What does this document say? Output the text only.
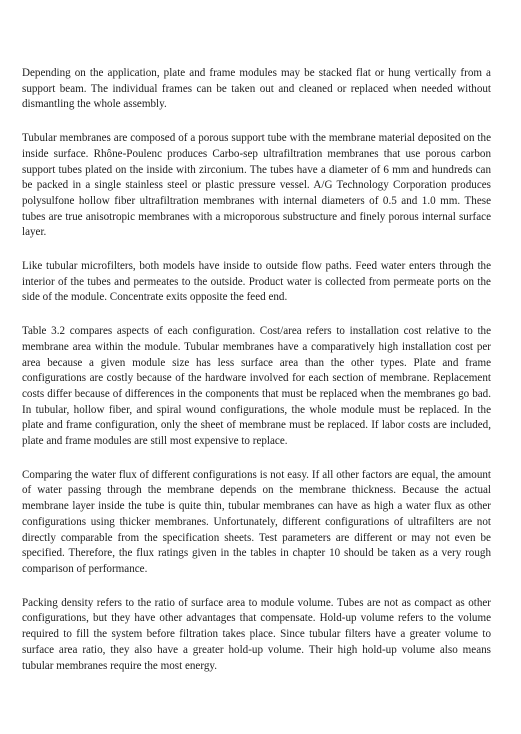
Depending on the application, plate and frame modules may be stacked flat or hung vertically from a support beam. The individual frames can be taken out and cleaned or replaced when needed without dismantling the whole assembly.

Tubular membranes are composed of a porous support tube with the membrane material deposited on the inside surface. Rhône-Poulenc produces Carbo-sep ultrafiltration membranes that use porous carbon support tubes plated on the inside with zirconium. The tubes have a diameter of 6 mm and hundreds can be packed in a single stainless steel or plastic pressure vessel. A/G Technology Corporation produces polysulfone hollow fiber ultrafiltration membranes with internal diameters of 0.5 and 1.0 mm. These tubes are true anisotropic membranes with a microporous substructure and finely porous internal surface layer.

Like tubular microfilters, both models have inside to outside flow paths. Feed water enters through the interior of the tubes and permeates to the outside. Product water is collected from permeate ports on the side of the module. Concentrate exits opposite the feed end.

Table 3.2 compares aspects of each configuration. Cost/area refers to installation cost relative to the membrane area within the module. Tubular membranes have a comparatively high installation cost per area because a given module size has less surface area than the other types. Plate and frame configurations are costly because of the hardware involved for each section of membrane. Replacement costs differ because of differences in the components that must be replaced when the membranes go bad. In tubular, hollow fiber, and spiral wound configurations, the whole module must be replaced. In the plate and frame configuration, only the sheet of membrane must be replaced. If labor costs are included, plate and frame modules are still most expensive to replace.

Comparing the water flux of different configurations is not easy. If all other factors are equal, the amount of water passing through the membrane depends on the membrane thickness. Because the actual membrane layer inside the tube is quite thin, tubular membranes can have as high a water flux as other configurations using thicker membranes. Unfortunately, different configurations of ultrafilters are not directly comparable from the specification sheets. Test parameters are different or may not even be specified. Therefore, the flux ratings given in the tables in chapter 10 should be taken as a very rough comparison of performance.

Packing density refers to the ratio of surface area to module volume. Tubes are not as compact as other configurations, but they have other advantages that compensate. Hold-up volume refers to the volume required to fill the system before filtration takes place. Since tubular filters have a greater volume to surface area ratio, they also have a greater hold-up volume. Their high hold-up volume also means tubular membranes require the most energy.
